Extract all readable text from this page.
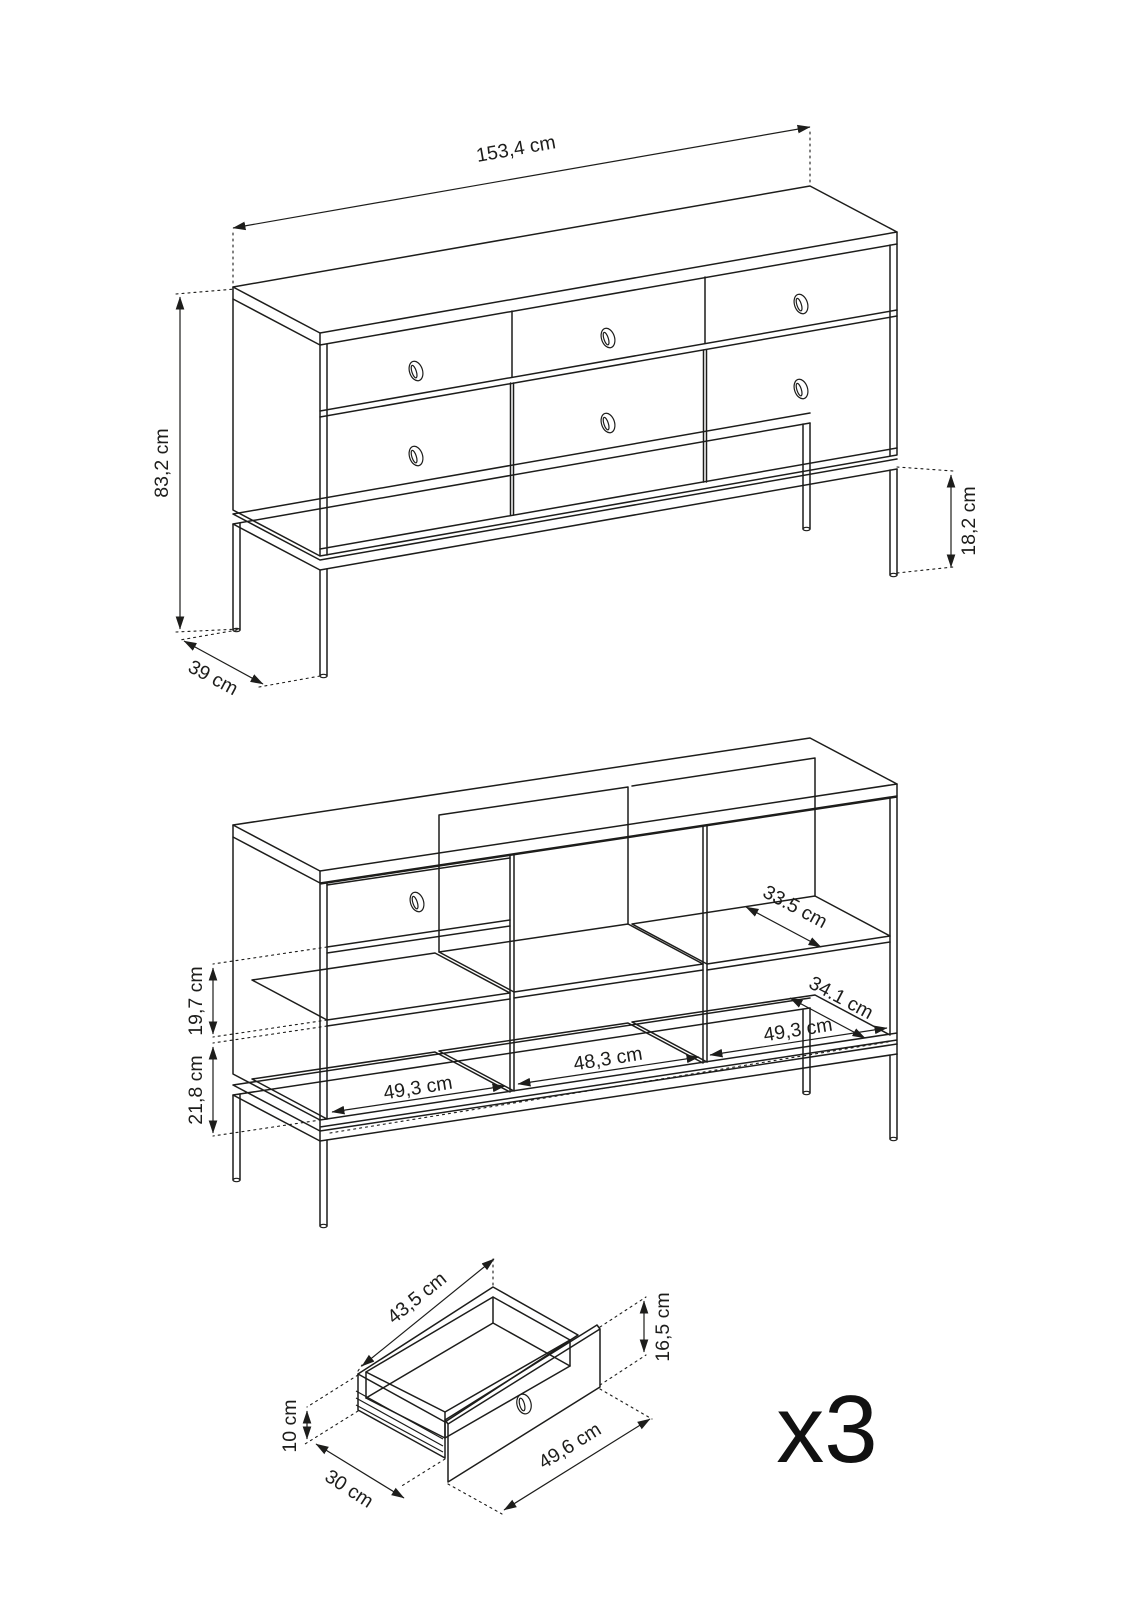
153,4 cm
83,2 cm
39 cm
18,2 cm
19,7 cm
21,8 cm
33.5 cm
34.1 cm
49,3 cm
48,3 cm
49,3 cm
43,5 cm	16,5 cm
10 cm
30 cm
49,6 cm x3
